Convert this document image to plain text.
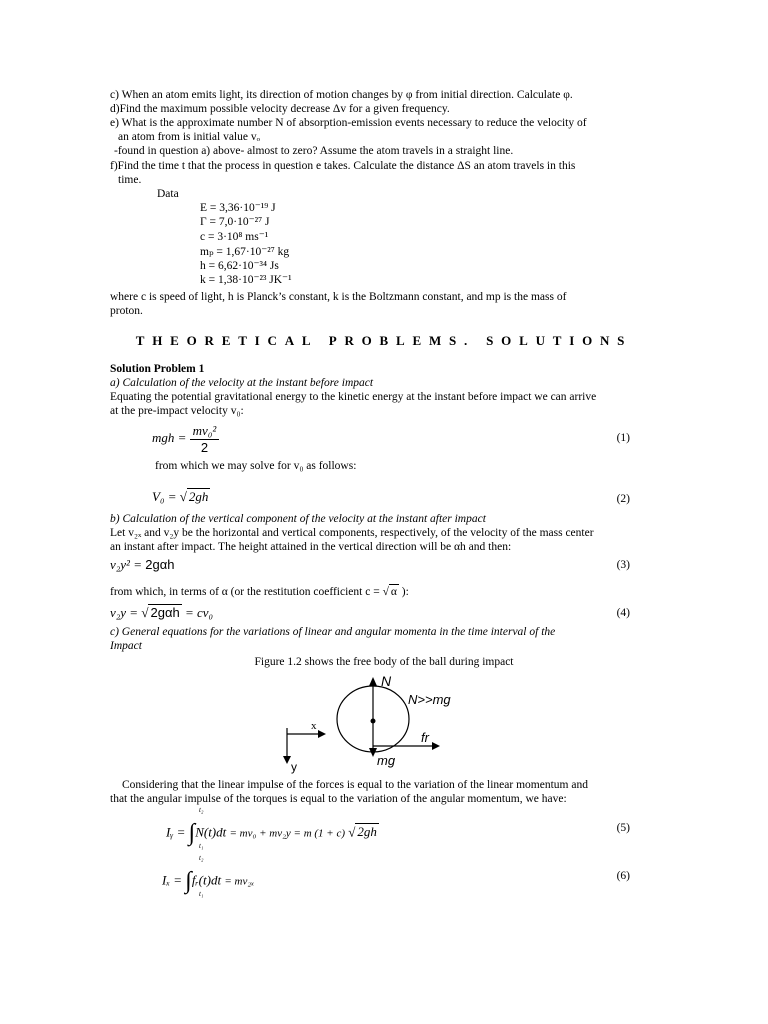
c) When an atom emits light, its direction of motion changes by φ from initial direction. Calculate φ.
d)Find the maximum possible velocity decrease Δv for a given frequency.
e) What is the approximate number N of absorption-emission events necessary to reduce the velocity of
an atom from is initial value vₒ
-found in question a) above- almost to zero? Assume the atom travels in a straight line.
f)Find the time t that the process in question e takes. Calculate the distance ΔS an atom travels in this
time.
Data
E = 3,36·10⁻¹⁹ J
Γ = 7,0·10⁻²⁷ J
c = 3·10⁸ ms⁻¹
mₚ = 1,67·10⁻²⁷ kg
h = 6,62·10⁻³⁴ Js
k = 1,38·10⁻²³ JK⁻¹
where c is speed of light, h is Planck’s constant, k is the Boltzmann constant, and mp is the mass of
proton.
THEORETICAL PROBLEMS. SOLUTIONS
Solution Problem 1
a) Calculation of the velocity at the instant before impact
Equating the potential gravitational energy to the kinetic energy at the instant before impact we can arrive
at the pre-impact velocity v₀:
mgh = $\frac{\text{mv₀²}}{2}$	(1)
from which we may solve for v₀ as follows:
V₀ = √ 2gh	(2)
b) Calculation of the vertical component of the velocity at the instant after impact
Let v₂ₓ and v₂y be the horizontal and vertical components, respectively, of the velocity of the mass center
an instant after impact. The height attained in the vertical direction will be αh and then:
v₂y² = 2gαh	(3)
from which, in terms of α (or the restitution coefficient c = √ α ):
v₂y = √ 2gαh = cv₀	(4)
c) General equations for the variations of linear and angular momenta in the time interval of the
Impact
Figure 1.2 shows the free body of the ball during impact
N
N>>mg
fr
mg
x
y
Considering that the linear impulse of the forces is equal to the variation of the linear momentum and
that the angular impulse of the torques is equal to the variation of the angular momentum, we have:
Iᵧ = ∫N(t)dt = mv₀ + mv₂y = m (1 + c) √ 2gh
t₂
t₁
(5)
Iₓ = ∫fᵣ(t)dt = mv₂ₓ
t₂
t₁
(6)
